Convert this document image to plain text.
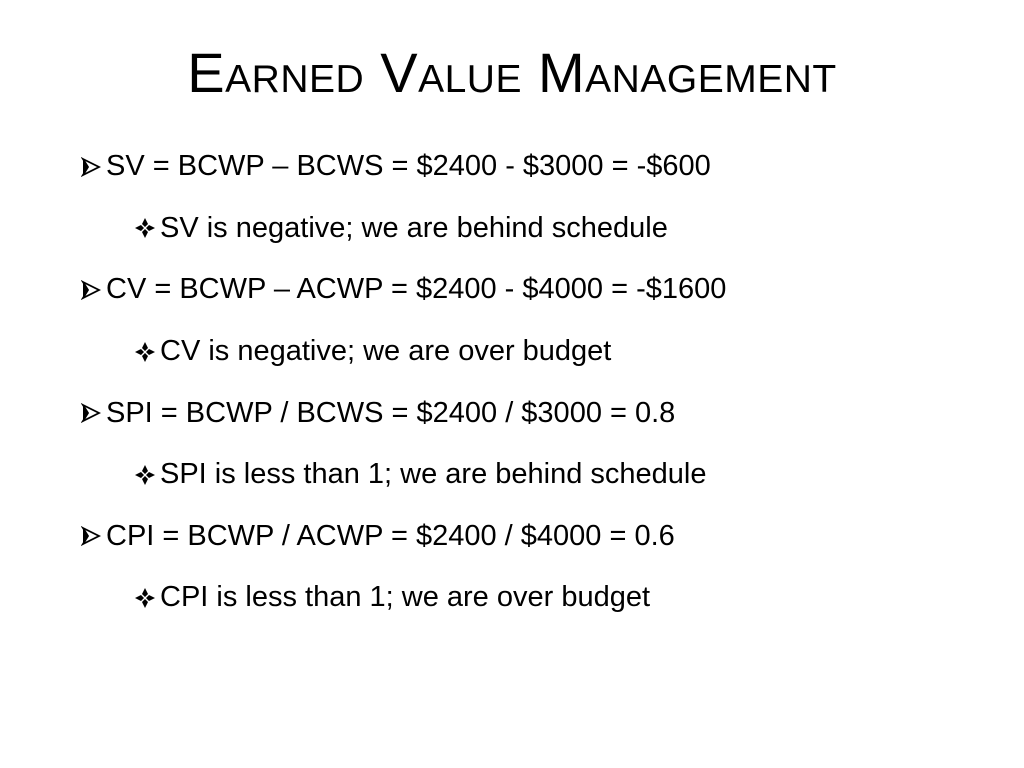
Earned Value Management
SV = BCWP – BCWS = $2400 - $3000 = -$600
SV is negative; we are behind schedule
CV = BCWP – ACWP = $2400 - $4000 = -$1600
CV is negative; we are over budget
SPI = BCWP / BCWS = $2400 / $3000 = 0.8
SPI is less than 1; we are behind schedule
CPI = BCWP / ACWP = $2400 / $4000 = 0.6
CPI is less than 1; we are over budget
